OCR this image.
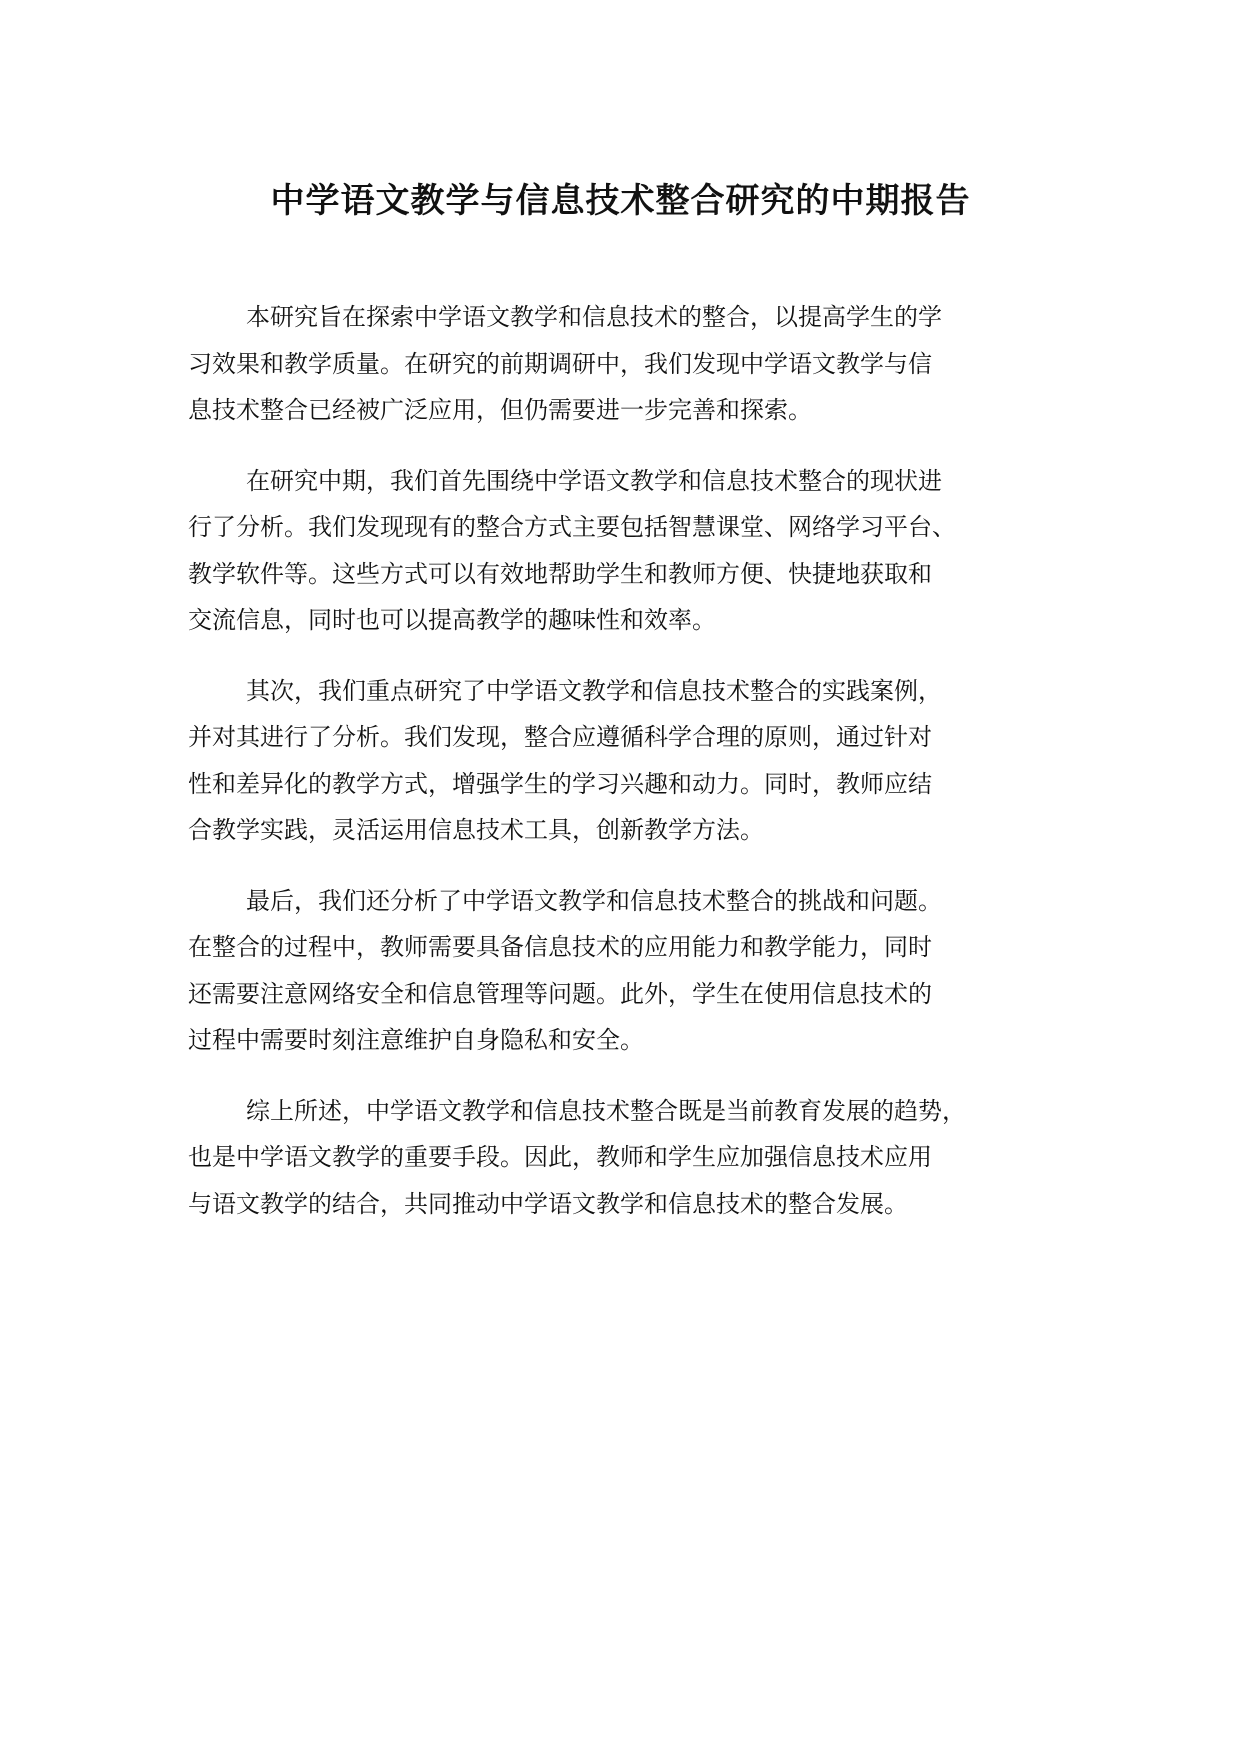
中学语文教学与信息技术整合研究的中期报告

本研究旨在探索中学语文教学和信息技术的整合，以提高学生的学
习效果和教学质量。在研究的前期调研中，我们发现中学语文教学与信
息技术整合已经被广泛应用，但仍需要进一步完善和探索。

在研究中期，我们首先围绕中学语文教学和信息技术整合的现状进
行了分析。我们发现现有的整合方式主要包括智慧课堂、网络学习平台、
教学软件等。这些方式可以有效地帮助学生和教师方便、快捷地获取和
交流信息，同时也可以提高教学的趣味性和效率。

其次，我们重点研究了中学语文教学和信息技术整合的实践案例，
并对其进行了分析。我们发现，整合应遵循科学合理的原则，通过针对
性和差异化的教学方式，增强学生的学习兴趣和动力。同时，教师应结
合教学实践，灵活运用信息技术工具，创新教学方法。

最后，我们还分析了中学语文教学和信息技术整合的挑战和问题。
在整合的过程中，教师需要具备信息技术的应用能力和教学能力，同时
还需要注意网络安全和信息管理等问题。此外，学生在使用信息技术的
过程中需要时刻注意维护自身隐私和安全。

综上所述，中学语文教学和信息技术整合既是当前教育发展的趋势，
也是中学语文教学的重要手段。因此，教师和学生应加强信息技术应用
与语文教学的结合，共同推动中学语文教学和信息技术的整合发展。
